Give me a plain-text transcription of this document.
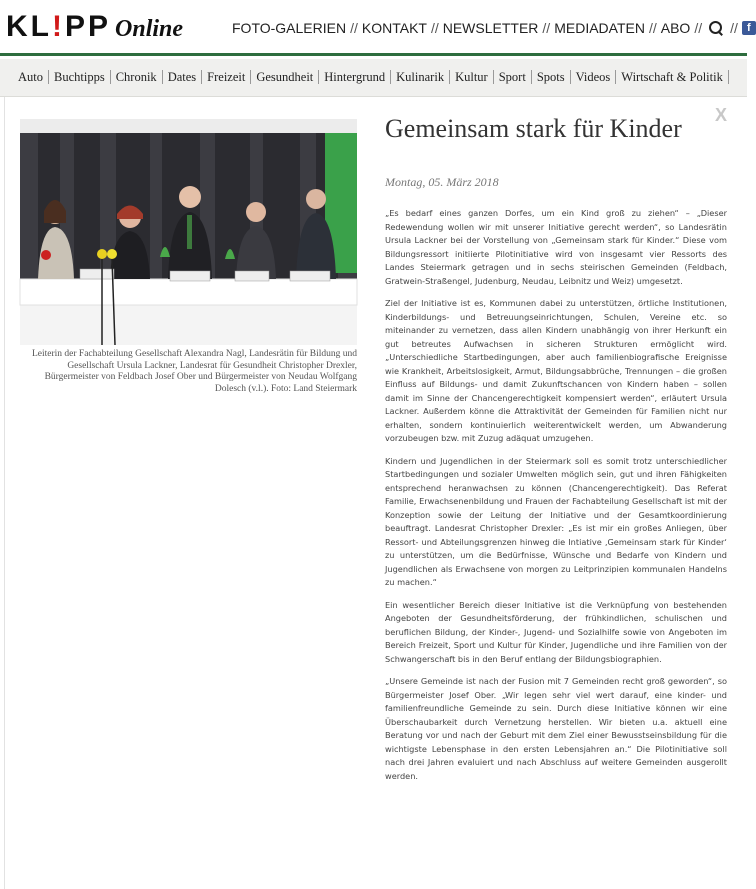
KL!PP Online	FOTO-GALERIEN // KONTAKT // NEWSLETTER // MEDIADATEN // ABO // // f
Auto Buchtipps Chronik Dates Freizeit Gesundheit Hintergrund Kulinarik Kultur Sport Spots Videos Wirtschaft & Politik
X
Leiterin der Fachabteilung Gesellschaft Alexandra Nagl, Landesrätin für Bildung und Gesellschaft Ursula Lackner, Landesrat für Gesundheit Christopher Drexler, Bürgermeister von Feldbach Josef Ober und Bürgermeister von Neudau Wolfgang Dolesch (v.l.). Foto: Land Steiermark
Gemeinsam stark für Kinder
Montag, 05. März 2018

„Es bedarf eines ganzen Dorfes, um ein Kind groß zu ziehen“ – „Dieser Redewendung wollen wir mit unserer Initiative gerecht werden“, so Landesrätin Ursula Lackner bei der Vorstellung von „Gemeinsam stark für Kinder.“ Diese vom Bildungsressort initiierte Pilotinitiative wird von insgesamt vier Ressorts des Landes Steiermark getragen und in sechs steirischen Gemeinden (Feldbach, Gratwein-Straßengel, Judenburg, Neudau, Leibnitz und Weiz) umgesetzt.

Ziel der Initiative ist es, Kommunen dabei zu unterstützen, örtliche Institutionen, Kinderbildungs- und Betreuungseinrichtungen, Schulen, Vereine etc. so miteinander zu vernetzen, dass allen Kindern unabhängig von ihrer Herkunft ein gut betreutes Aufwachsen in sicheren Strukturen ermöglicht wird. „Unterschiedliche Startbedingungen, aber auch familienbiografische Ereignisse wie Krankheit, Arbeitslosigkeit, Armut, Bildungsabbrüche, Trennungen – die großen Einfluss auf Bildungs- und damit Zukunftschancen von Kindern haben – sollen damit im Sinne der Chancengerechtigkeit kompensiert werden“, erläutert Ursula Lackner. Außerdem könne die Attraktivität der Gemeinden für Familien nicht nur erhalten, sondern kontinuierlich weiterentwickelt werden, um Abwanderung vorzubeugen bzw. mit Zuzug adäquat umzugehen.

Kindern und Jugendlichen in der Steiermark soll es somit trotz unterschiedlicher Startbedingungen und sozialer Umwelten möglich sein, gut und ihren Fähigkeiten entsprechend heranwachsen zu können (Chancengerechtigkeit). Das Referat Familie, Erwachsenenbildung und Frauen der Fachabteilung Gesellschaft ist mit der Konzeption sowie der Leitung der Initiative und der Gesamtkoordinierung beauftragt. Landesrat Christopher Drexler: „Es ist mir ein großes Anliegen, über Ressort- und Abteilungsgrenzen hinweg die Intiative ‚Gemeinsam stark für Kinder‘ zu unterstützen, um die Bedürfnisse, Wünsche und Bedarfe von Kindern und Jugendlichen als Erwachsene von morgen zu Leitprinzipien kommunalen Handelns zu machen.“

Ein wesentlicher Bereich dieser Initiative ist die Verknüpfung von bestehenden Angeboten der Gesundheitsförderung, der frühkindlichen, schulischen und beruflichen Bildung, der Kinder-, Jugend- und Sozialhilfe sowie von Angeboten im Bereich Freizeit, Sport und Kultur für Kinder, Jugendliche und ihre Familien von der Schwangerschaft bis in den Beruf entlang der Bildungsbiographien.

„Unsere Gemeinde ist nach der Fusion mit 7 Gemeinden recht groß geworden“, so Bürgermeister Josef Ober. „Wir legen sehr viel wert darauf, eine kinder- und familienfreundliche Gemeinde zu sein. Durch diese Initiative können wir eine Überschaubarkeit durch Vernetzung herstellen. Wir bieten u.a. aktuell eine Beratung vor und nach der Geburt mit dem Ziel einer Bewusstseinsbildung für die wichtigste Lebensphase in den ersten Lebensjahren an.“ Die Pilotinitiative soll nach drei Jahren evaluiert und nach Abschluss auf weitere Gemeinden ausgerollt werden.
